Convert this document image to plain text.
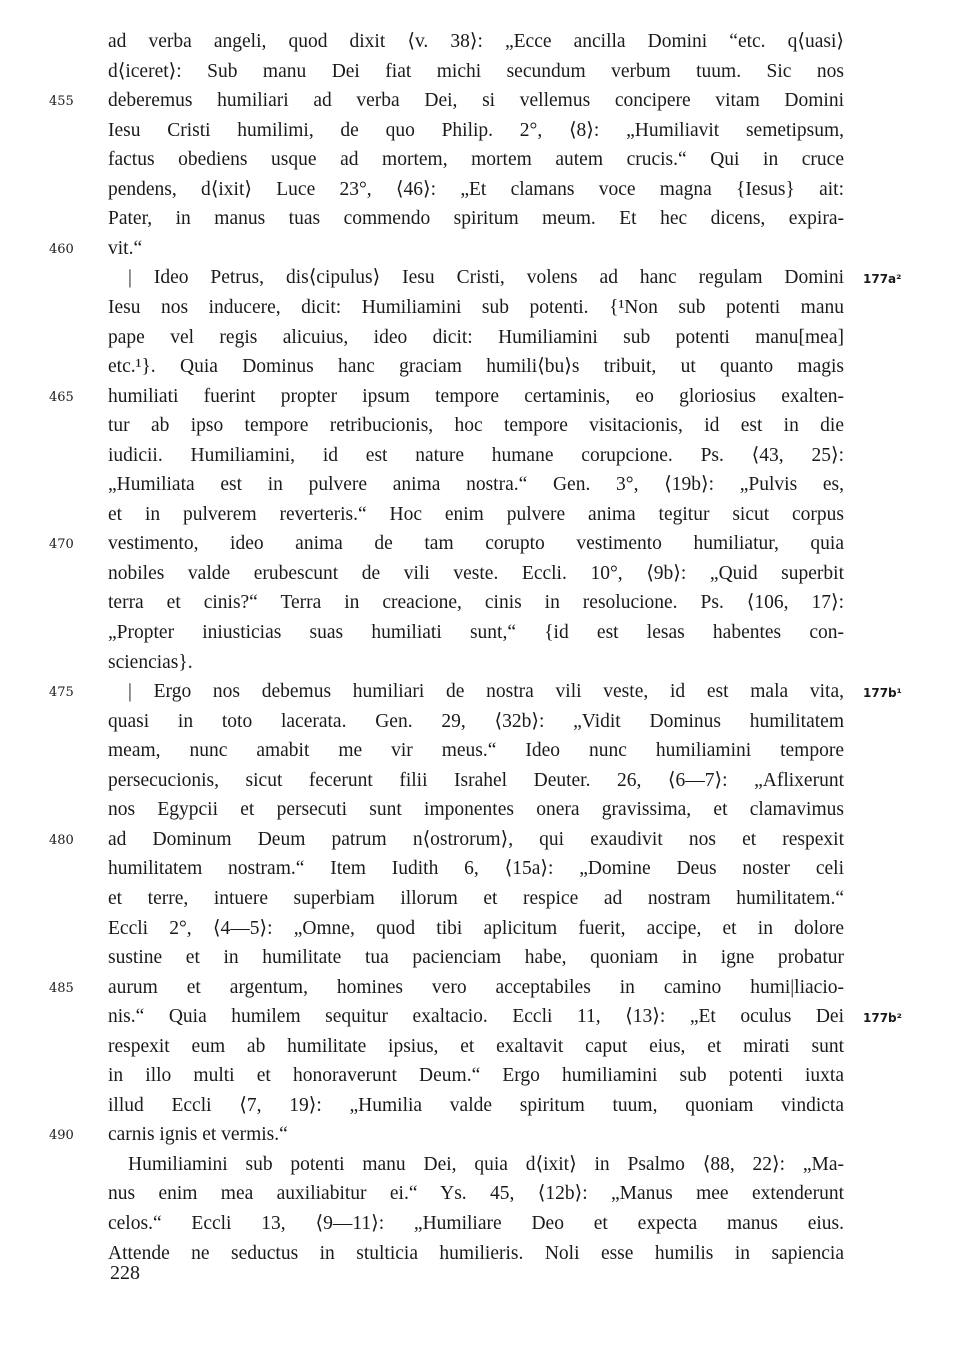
ad verba angeli, quod dixit ⟨v. 38⟩: „Ecce ancilla Domini “etc. q⟨uasi⟩
d⟨iceret⟩: Sub manu Dei fiat michi secundum verbum tuum. Sic nos
deberemus humiliari ad verba Dei, si vellemus concipere vitam Domini
Iesu Cristi humilimi, de quo Philip. 2°, ⟨8⟩: „Humiliavit semetipsum,
factus obediens usque ad mortem, mortem autem crucis.“ Qui in cruce
pendens, d⟨ixit⟩ Luce 23°, ⟨46⟩: „Et clamans voce magna {Iesus} ait:
Pater, in manus tuas commendo spiritum meum. Et hec dicens, expira-
vit.“
| Ideo Petrus, dis⟨cipulus⟩ Iesu Cristi, volens ad hanc regulam Domini
Iesu nos inducere, dicit: Humiliamini sub potenti. {¹Non sub potenti manu
pape vel regis alicuius, ideo dicit: Humiliamini sub potenti manu[mea]
etc.¹}. Quia Dominus hanc graciam humili⟨bu⟩s tribuit, ut quanto magis
humiliati fuerint propter ipsum tempore certaminis, eo gloriosius exalten-
tur ab ipso tempore retribucionis, hoc tempore visitacionis, id est in die
iudicii. Humiliamini, id est nature humane corupcione. Ps. ⟨43, 25⟩:
„Humiliata est in pulvere anima nostra.“ Gen. 3°, ⟨19b⟩: „Pulvis es,
et in pulverem reverteris.“ Hoc enim pulvere anima tegitur sicut corpus
vestimento, ideo anima de tam corupto vestimento humiliatur, quia
nobiles valde erubescunt de vili veste. Eccli. 10°, ⟨9b⟩: „Quid superbit
terra et cinis?“ Terra in creacione, cinis in resolucione. Ps. ⟨106, 17⟩:
„Propter iniusticias suas humiliati sunt,“ {id est lesas habentes con-
sciencias}.
| Ergo nos debemus humiliari de nostra vili veste, id est mala vita,
quasi in toto lacerata. Gen. 29, ⟨32b⟩: „Vidit Dominus humilitatem
meam, nunc amabit me vir meus.“ Ideo nunc humiliamini tempore
persecucionis, sicut fecerunt filii Israhel Deuter. 26, ⟨6—7⟩: „Aflixerunt
nos Egypcii et persecuti sunt imponentes onera gravissima, et clamavimus
ad Dominum Deum patrum n⟨ostrorum⟩, qui exaudivit nos et respexit
humilitatem nostram.“ Item Iudith 6, ⟨15a⟩: „Domine Deus noster celi
et terre, intuere superbiam illorum et respice ad nostram humilitatem.“
Eccli 2°, ⟨4—5⟩: „Omne, quod tibi aplicitum fuerit, accipe, et in dolore
sustine et in humilitate tua pacienciam habe, quoniam in igne probatur
aurum et argentum, homines vero acceptabiles in camino humi|liacio-
nis.“ Quia humilem sequitur exaltacio. Eccli 11, ⟨13⟩: „Et oculus Dei
respexit eum ab humilitate ipsius, et exaltavit caput eius, et mirati sunt
in illo multi et honoraverunt Deum.“ Ergo humiliamini sub potenti iuxta
illud Eccli ⟨7, 19⟩: „Humilia valde spiritum tuum, quoniam vindicta
carnis ignis et vermis.“
Humiliamini sub potenti manu Dei, quia d⟨ixit⟩ in Psalmo ⟨88, 22⟩: „Ma-
nus enim mea auxiliabitur ei.“ Ys. 45, ⟨12b⟩: „Manus mee extenderunt
celos.“ Eccli 13, ⟨9—11⟩: „Humiliare Deo et expecta manus eius.
Attende ne seductus in stulticia humilieris. Noli esse humilis in sapiencia
455
460
465
470
475
480
485
490
177a²
177b¹
177b²
228
